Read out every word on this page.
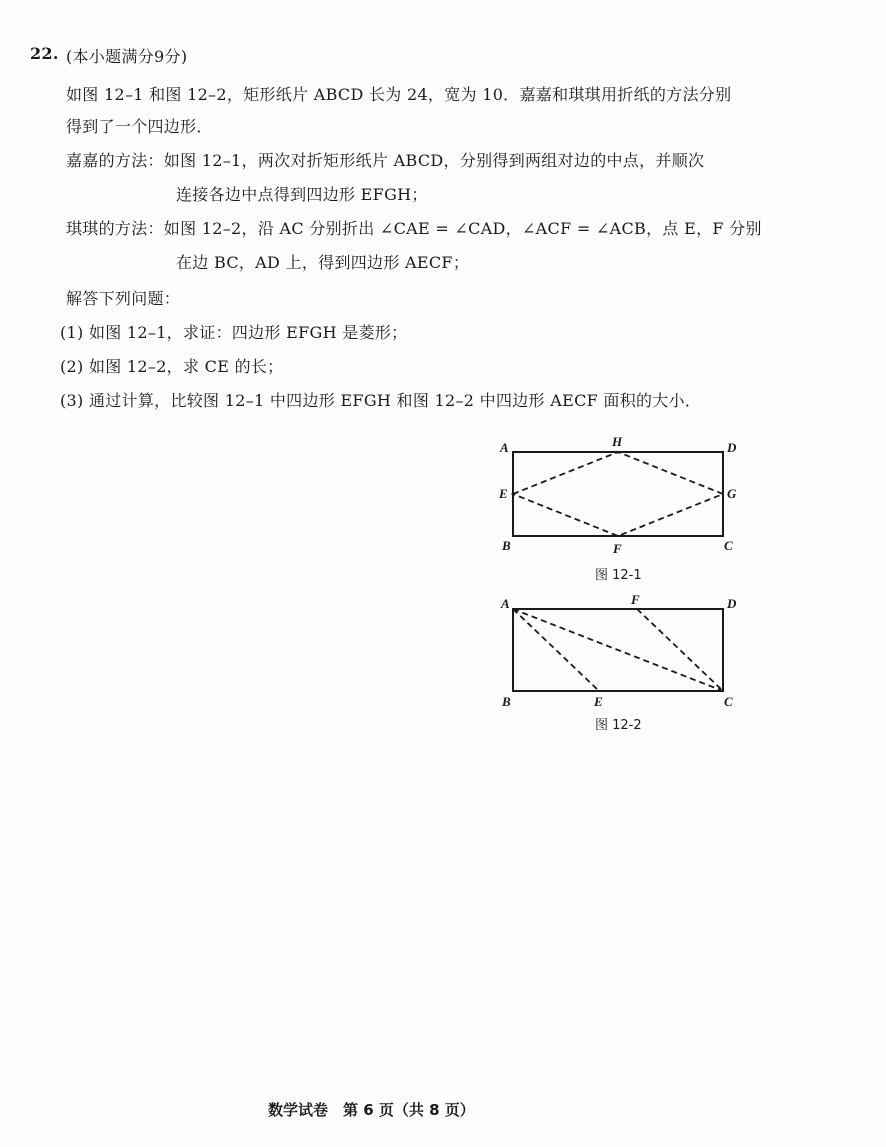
22. (本小题满分9分)
如图 12–1 和图 12–2，矩形纸片 ABCD 长为 24，宽为 10．嘉嘉和琪琪用折纸的方法分别
得到了一个四边形．
嘉嘉的方法：如图 12–1，两次对折矩形纸片 ABCD，分别得到两组对边的中点，并顺次
连接各边中点得到四边形 EFGH；
琪琪的方法：如图 12–2，沿 AC 分别折出 ∠CAE = ∠CAD，∠ACF = ∠ACB，点 E，F 分别
在边 BC，AD 上，得到四边形 AECF；
解答下列问题：
(1) 如图 12–1，求证：四边形 EFGH 是菱形；
(2) 如图 12–2，求 CE 的长；
(3) 通过计算，比较图 12–1 中四边形 EFGH 和图 12–2 中四边形 AECF 面积的大小．
A	H	D
E	G
B	F	C
图 12-1
A	F	D
B	E	C
图 12-2
数学试卷　第 6 页（共 8 页）
